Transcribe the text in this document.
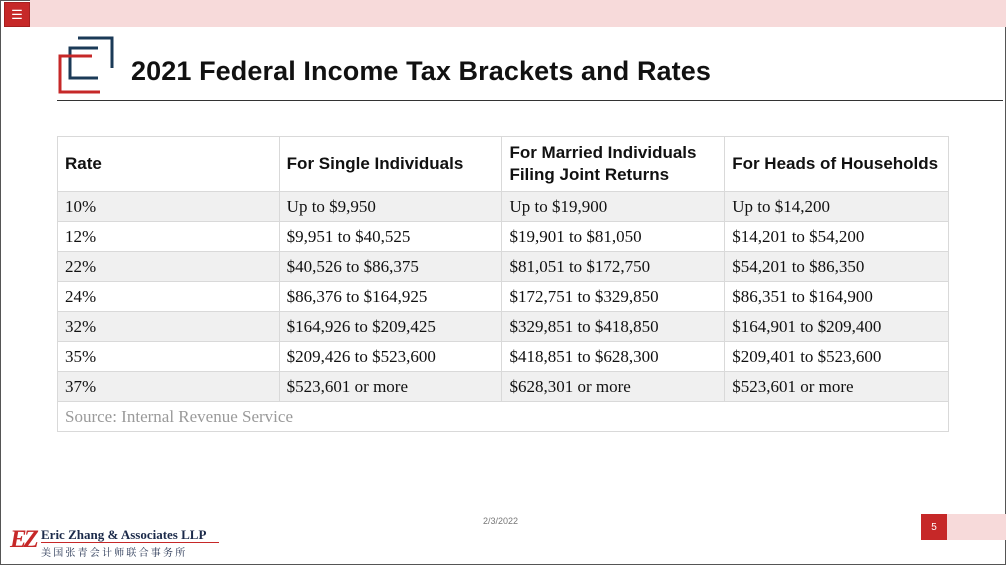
☰
2021 Federal Income Tax Brackets and Rates
Rate	For Single Individuals	For Married Individuals Filing Joint Returns	For Heads of Households
10%	Up to $9,950	Up to $19,900	Up to $14,200
12%	$9,951 to $40,525	$19,901 to $81,050	$14,201 to $54,200
22%	$40,526 to $86,375	$81,051 to $172,750	$54,201 to $86,350
24%	$86,376 to $164,925	$172,751 to $329,850	$86,351 to $164,900
32%	$164,926 to $209,425	$329,851 to $418,850	$164,901 to $209,400
35%	$209,426 to $523,600	$418,851 to $628,300	$209,401 to $523,600
37%	$523,601 or more	$628,301 or more	$523,601 or more
Source: Internal Revenue Service			
2/3/2022
5
EZ Eric Zhang & Associates LLP
美国张青会计师联合事务所
